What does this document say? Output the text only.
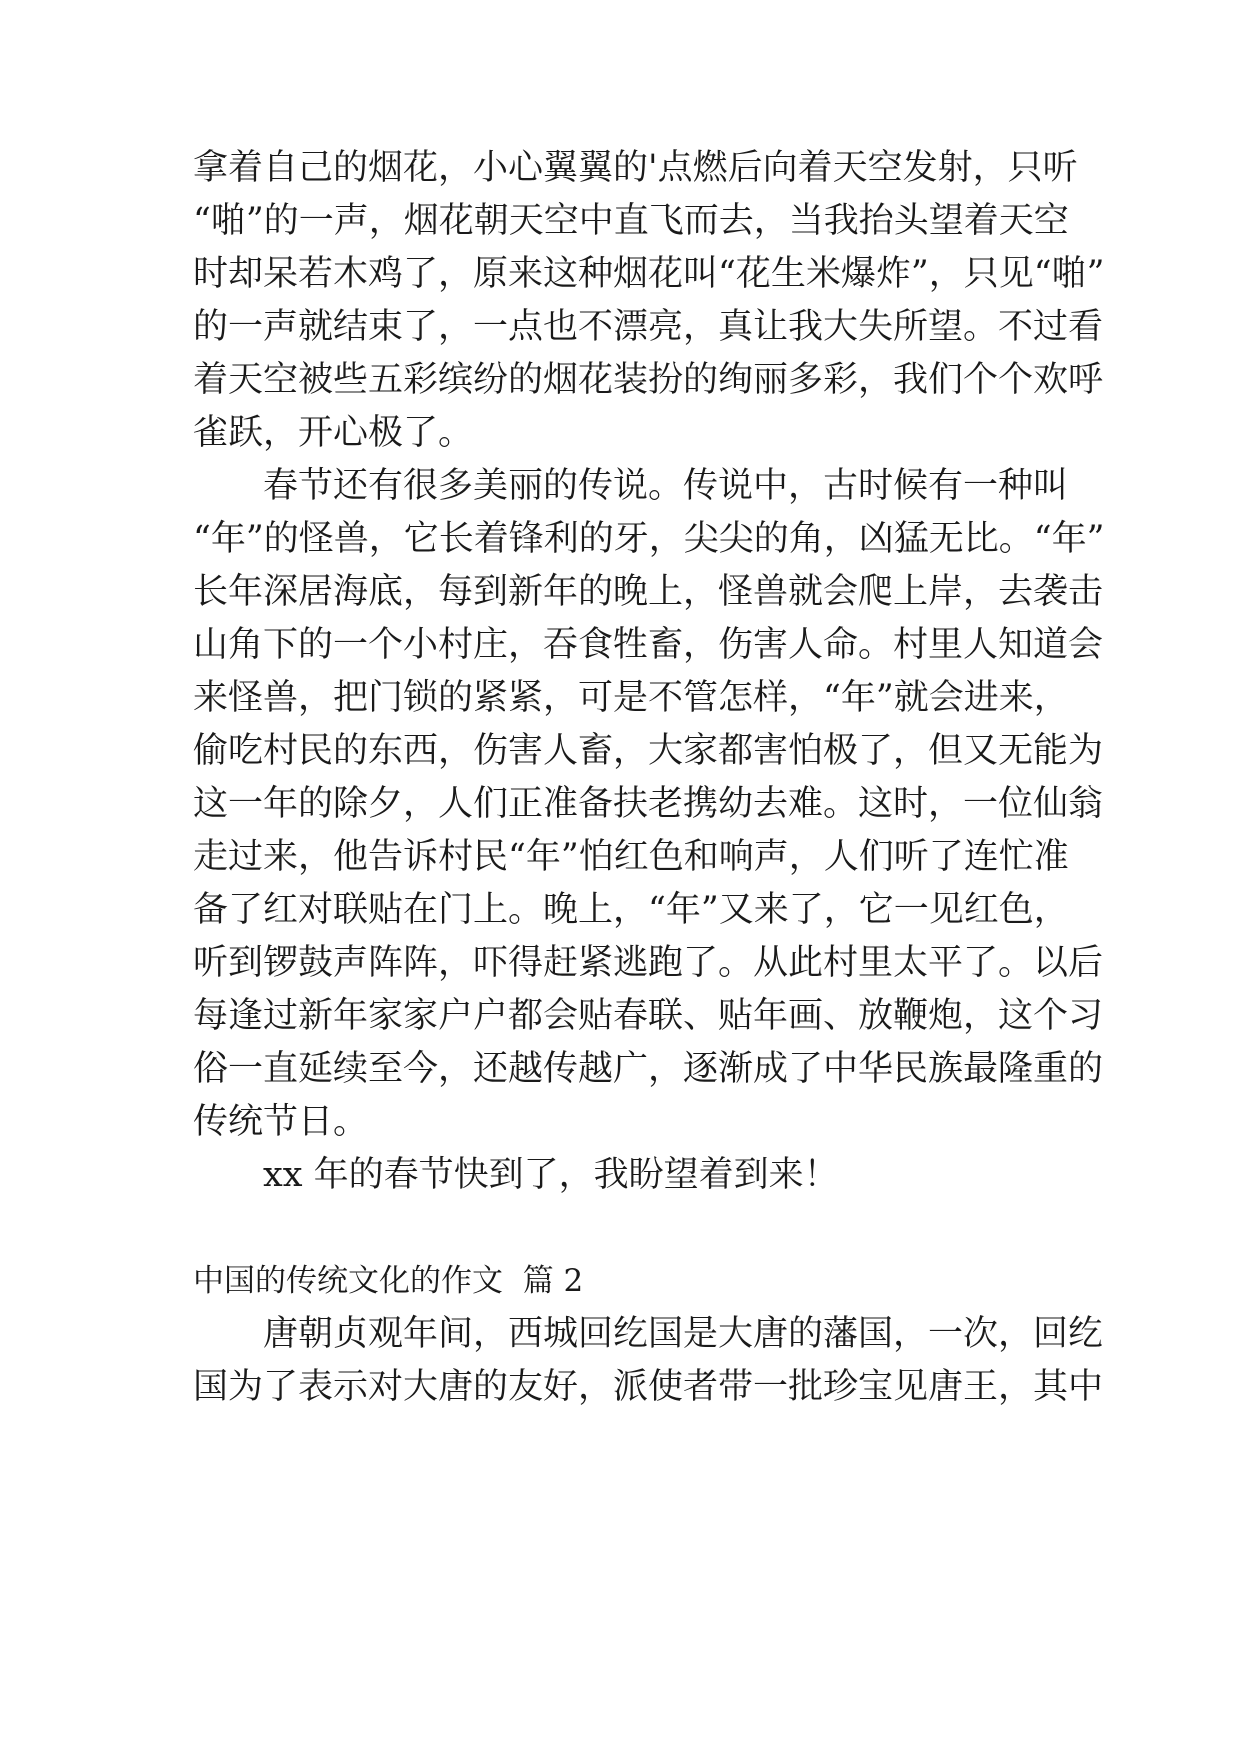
拿着自己的烟花，小心翼翼的'点燃后向着天空发射，只听
“啪”的一声，烟花朝天空中直飞而去，当我抬头望着天空
时却呆若木鸡了，原来这种烟花叫“花生米爆炸”，只见“啪”
的一声就结束了，一点也不漂亮，真让我大失所望。不过看
着天空被些五彩缤纷的烟花装扮的绚丽多彩，我们个个欢呼
雀跃，开心极了。
春节还有很多美丽的传说。传说中，古时候有一种叫
“年”的怪兽，它长着锋利的牙，尖尖的角，凶猛无比。“年”
长年深居海底，每到新年的晚上，怪兽就会爬上岸，去袭击
山角下的一个小村庄，吞食牲畜，伤害人命。村里人知道会
来怪兽，把门锁的紧紧，可是不管怎样，“年”就会进来，
偷吃村民的东西，伤害人畜，大家都害怕极了，但又无能为
这一年的除夕，人们正准备扶老携幼去难。这时，一位仙翁
走过来，他告诉村民“年”怕红色和响声，人们听了连忙准
备了红对联贴在门上。晚上，“年”又来了，它一见红色，
听到锣鼓声阵阵，吓得赶紧逃跑了。从此村里太平了。以后
每逢过新年家家户户都会贴春联、贴年画、放鞭炮，这个习
俗一直延续至今，还越传越广，逐渐成了中华民族最隆重的
传统节日。
xx 年的春节快到了，我盼望着到来！
中国的传统文化的作文  篇 2
唐朝贞观年间，西城回纥国是大唐的藩国，一次，回纥
国为了表示对大唐的友好，派使者带一批珍宝见唐王，其中
